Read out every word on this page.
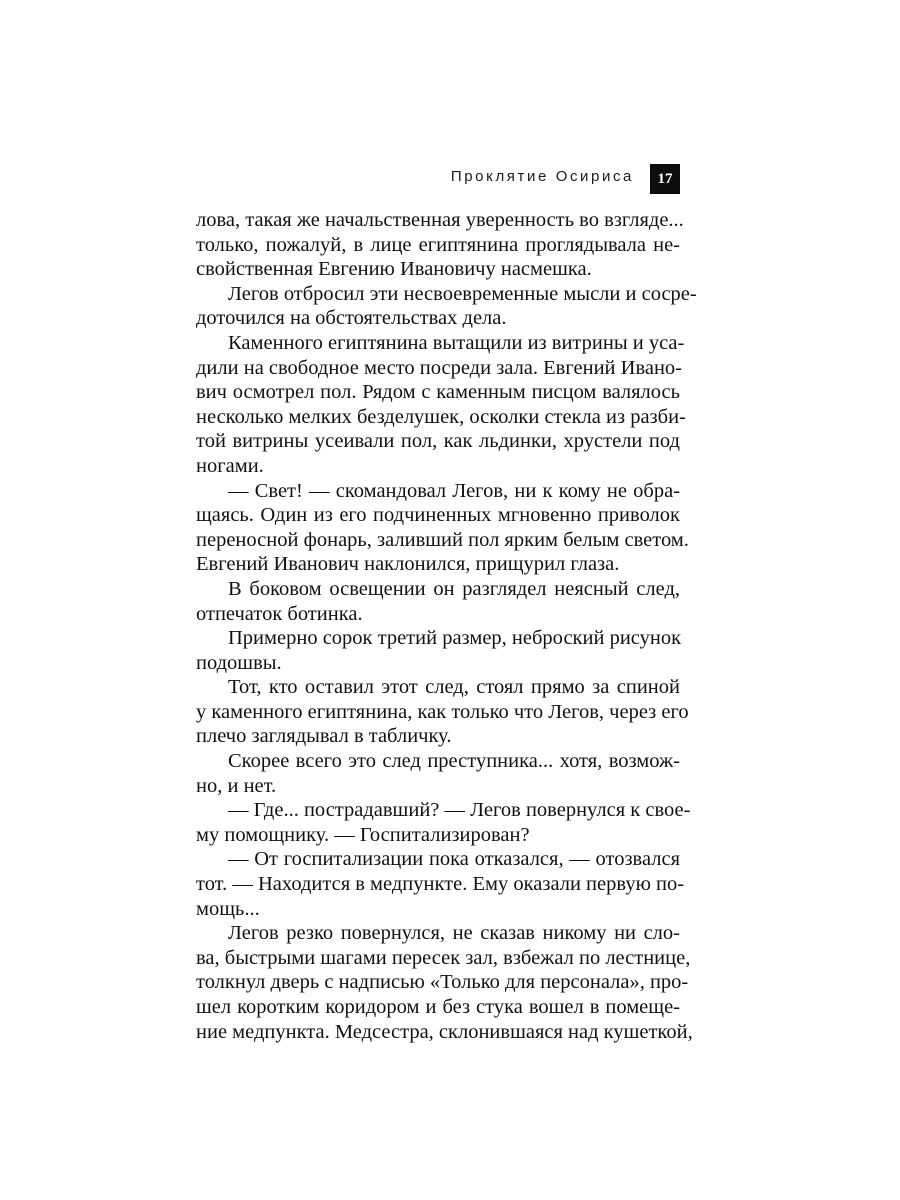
Проклятие Осириса 17
лова, такая же начальственная уверенность во взгляде...
только, пожалуй, в лице египтянина проглядывала не-
свойственная Евгению Ивановичу насмешка.
Легов отбросил эти несвоевременные мысли и сосре-
доточился на обстоятельствах дела.
Каменного египтянина вытащили из витрины и уса-
дили на свободное место посреди зала. Евгений Ивано-
вич осмотрел пол. Рядом с каменным писцом валялось
несколько мелких безделушек, осколки стекла из разби-
той витрины усеивали пол, как льдинки, хрустели под
ногами.
— Свет! — скомандовал Легов, ни к кому не обра-
щаясь. Один из его подчиненных мгновенно приволок
переносной фонарь, заливший пол ярким белым светом.
Евгений Иванович наклонился, прищурил глаза.
В боковом освещении он разглядел неясный след,
отпечаток ботинка.
Примерно сорок третий размер, неброский рисунок
подошвы.
Тот, кто оставил этот след, стоял прямо за спиной
у каменного египтянина, как только что Легов, через его
плечо заглядывал в табличку.
Скорее всего это след преступника... хотя, возмож-
но, и нет.
— Где... пострадавший? — Легов повернулся к свое-
му помощнику. — Госпитализирован?
— От госпитализации пока отказался, — отозвался
тот. — Находится в медпункте. Ему оказали первую по-
мощь...
Легов резко повернулся, не сказав никому ни сло-
ва, быстрыми шагами пересек зал, взбежал по лестнице,
толкнул дверь с надписью «Только для персонала», про-
шел коротким коридором и без стука вошел в помеще-
ние медпункта. Медсестра, склонившаяся над кушеткой,
